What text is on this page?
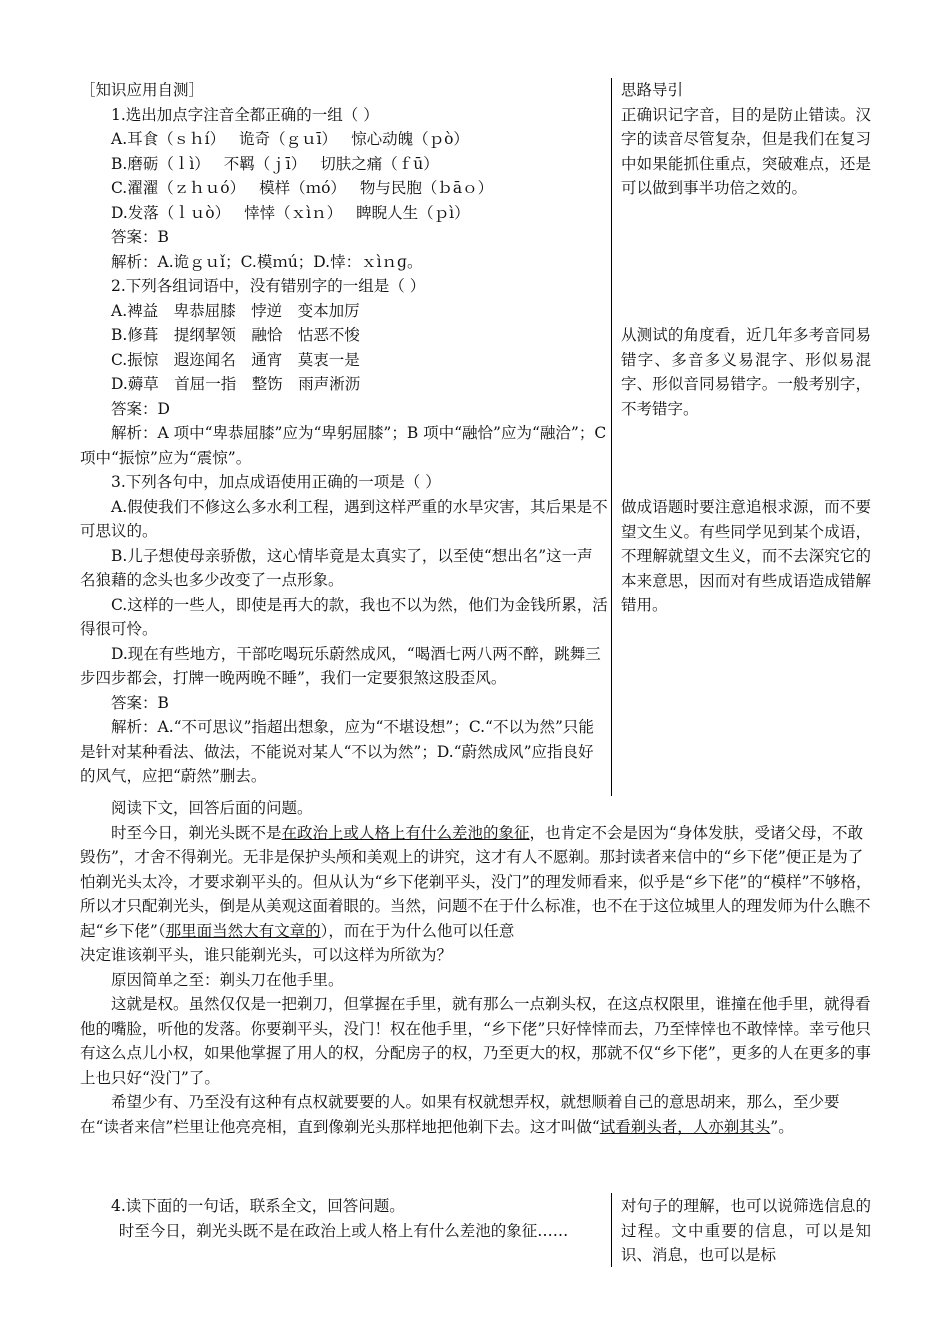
［知识应用自测］
1.选出加点字注音全都正确的一组（ ）
A.耳食（ｓｈí） 诡奇（ｇｕī） 惊心动魄（ｐò）
B.磨砺（ｌì） 不羁（ｊī） 切肤之痛（ｆū）
C.濯濯（ｚｈｕó） 模样（ｍó） 物与民胞（ｂāｏ）
D.发落（ｌｕò） 悻悻（ｘìｎ） 睥睨人生（ｐì）
答案：B
解析：A.诡ｇｕǐ；C.模ｍú；D.悻：ｘìｎɡ。
2.下列各组词语中，没有错别字的一组是（ ）
A.裨益　卑恭屈膝　悖逆　变本加厉
B.修葺　提纲挈领　融恰　怙恶不悛
C.振惊　遐迩闻名　通宵　莫衷一是
D.薅草　首屈一指　整饬　雨声淅沥
答案：D

解析：A 项中“卑恭屈膝”应为“卑躬屈膝”；B 项中“融恰”应为“融洽”；C 项中“振惊”应为“震惊”。

3.下列各句中，加点成语使用正确的一项是（ ）

A.假使我们不修这么多水利工程，遇到这样严重的水旱灾害，其后果是不可思议的。

B.儿子想使母亲骄傲，这心情毕竟是太真实了，以至使“想出名”这一声名狼藉的念头也多少改变了一点形象。

C.这样的一些人，即使是再大的款，我也不以为然，他们为金钱所累，活得很可怜。

D.现在有些地方，干部吃喝玩乐蔚然成风，“喝酒七两八两不醉，跳舞三步四步都会，打牌一晚两晚不睡”，我们一定要狠煞这股歪风。

答案：B

解析：A.“不可思议”指超出想象，应为“不堪设想”；C.“不以为然”只能是针对某种看法、做法，不能说对某人“不以为然”；D.“蔚然成风”应指良好的风气，应把“蔚然”删去。

思路导引

正确识记字音，目的是防止错读。汉字的读音尽管复杂，但是我们在复习中如果能抓住重点，突破难点，还是可以做到事半功倍之效的。

从测试的角度看，近几年多考音同易错字、多音多义易混字、形似易混字、形似音同易错字。一般考别字，不考错字。

做成语题时要注意追根求源，而不要望文生义。有些同学见到某个成语，不理解就望文生义，而不去深究它的本来意思，因而对有些成语造成错解错用。

阅读下文，回答后面的问题。

时至今日，剃光头既不是在政治上或人格上有什么差池的象征，也肯定不会是因为“身体发肤，受诸父母，不敢毁伤”，才舍不得剃光。无非是保护头颅和美观上的讲究，这才有人不愿剃。那封读者来信中的“乡下佬”便正是为了怕剃光头太冷，才要求剃平头的。但从认为“乡下佬剃平头，没门”的理发师看来，似乎是“乡下佬”的“模样”不够格，所以才只配剃光头，倒是从美观这面着眼的。当然，问题不在于什么标准，也不在于这位城里人的理发师为什么瞧不起“乡下佬”（那里面当然大有文章的），而在于为什么他可以任意

决定谁该剃平头，谁只能剃光头，可以这样为所欲为？

原因简单之至：剃头刀在他手里。

这就是权。虽然仅仅是一把剃刀，但掌握在手里，就有那么一点剃头权，在这点权限里，谁撞在他手里，就得看他的嘴脸，听他的发落。你要剃平头，没门！权在他手里，“乡下佬”只好悻悻而去，乃至悻悻也不敢悻悻。幸亏他只有这么点儿小权，如果他掌握了用人的权，分配房子的权，乃至更大的权，那就不仅“乡下佬”，更多的人在更多的事上也只好“没门”了。

希望少有、乃至没有这种有点权就要要的人。如果有权就想弄权，就想顺着自己的意思胡来，那么，至少要在“读者来信”栏里让他亮亮相，直到像剃光头那样地把他剃下去。这才叫做“试看剃头者，人亦剃其头”。

4.读下面的一句话，联系全文，回答问题。

时至今日，剃光头既不是在政治上或人格上有什么差池的象征……

对句子的理解，也可以说筛选信息的过程。文中重要的信息，可以是知识、消息，也可以是标
